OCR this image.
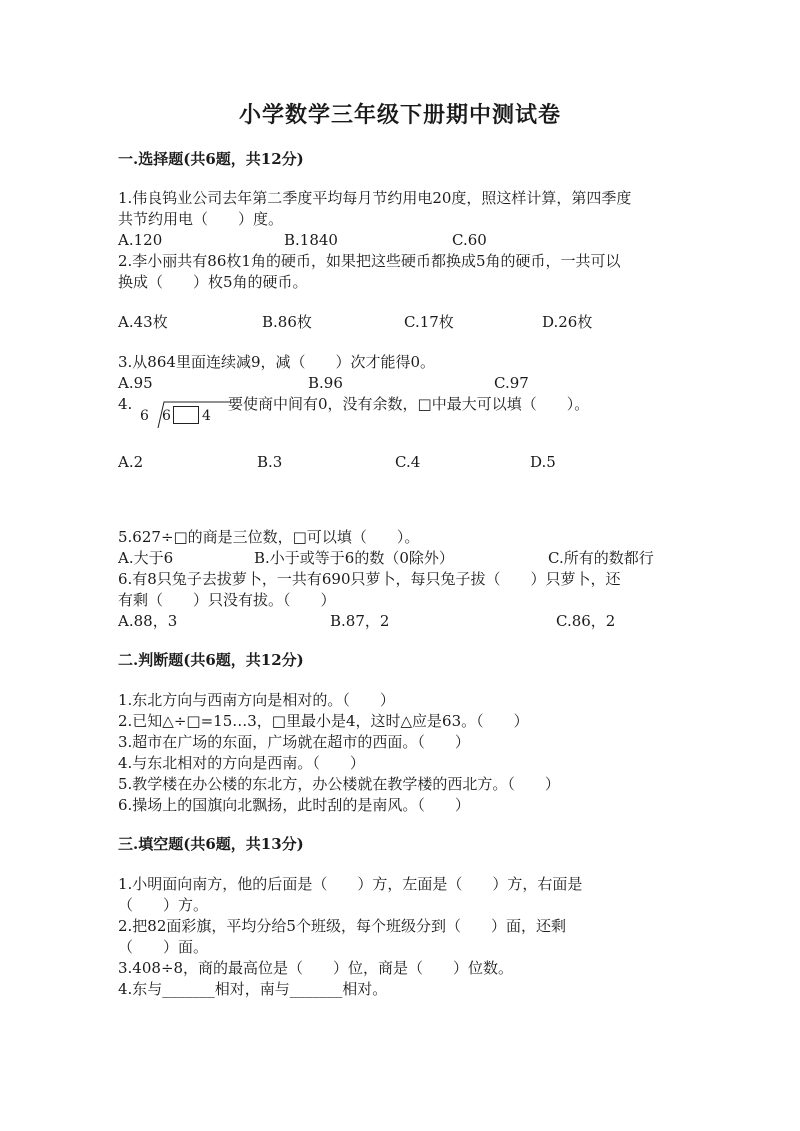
小学数学三年级下册期中测试卷
一.选择题(共6题，共12分)
1.伟良钨业公司去年第二季度平均每月节约用电20度，照这样计算，第四季度
共节约用电（　　）度。
A.120	B.1840	C.60
2.李小丽共有86枚1角的硬币，如果把这些硬币都换成5角的硬币，一共可以
换成（　　）枚5角的硬币。
A.43枚	B.86枚	C.17枚	D.26枚
3.从864里面连续减9，减（　　）次才能得0。
A.95	B.96	C.97
4.
6 6 4
要使商中间有0，没有余数，□中最大可以填（　　）。
A.2	B.3	C.4	D.5
5.627÷□的商是三位数，□可以填（　　）。
A.大于6	B.小于或等于6的数（0除外）	C.所有的数都行
6.有8只兔子去拔萝卜，一共有690只萝卜，每只兔子拔（　　）只萝卜，还
有剩（　　）只没有拔。（　　）
A.88，3	B.87，2	C.86，2
二.判断题(共6题，共12分)
1.东北方向与西南方向是相对的。（　　）
2.已知△÷□=15…3，□里最小是4，这时△应是63。（　　）
3.超市在广场的东面，广场就在超市的西面。（　　）
4.与东北相对的方向是西南。（　　）
5.教学楼在办公楼的东北方，办公楼就在教学楼的西北方。（　　）
6.操场上的国旗向北飘扬，此时刮的是南风。（　　）
三.填空题(共6题，共13分)
1.小明面向南方，他的后面是（　　）方，左面是（　　）方，右面是
（　　）方。
2.把82面彩旗，平均分给5个班级，每个班级分到（　　）面，还剩
（　　）面。
3.408÷8，商的最高位是（　　）位，商是（　　）位数。
4.东与_______相对，南与_______相对。
